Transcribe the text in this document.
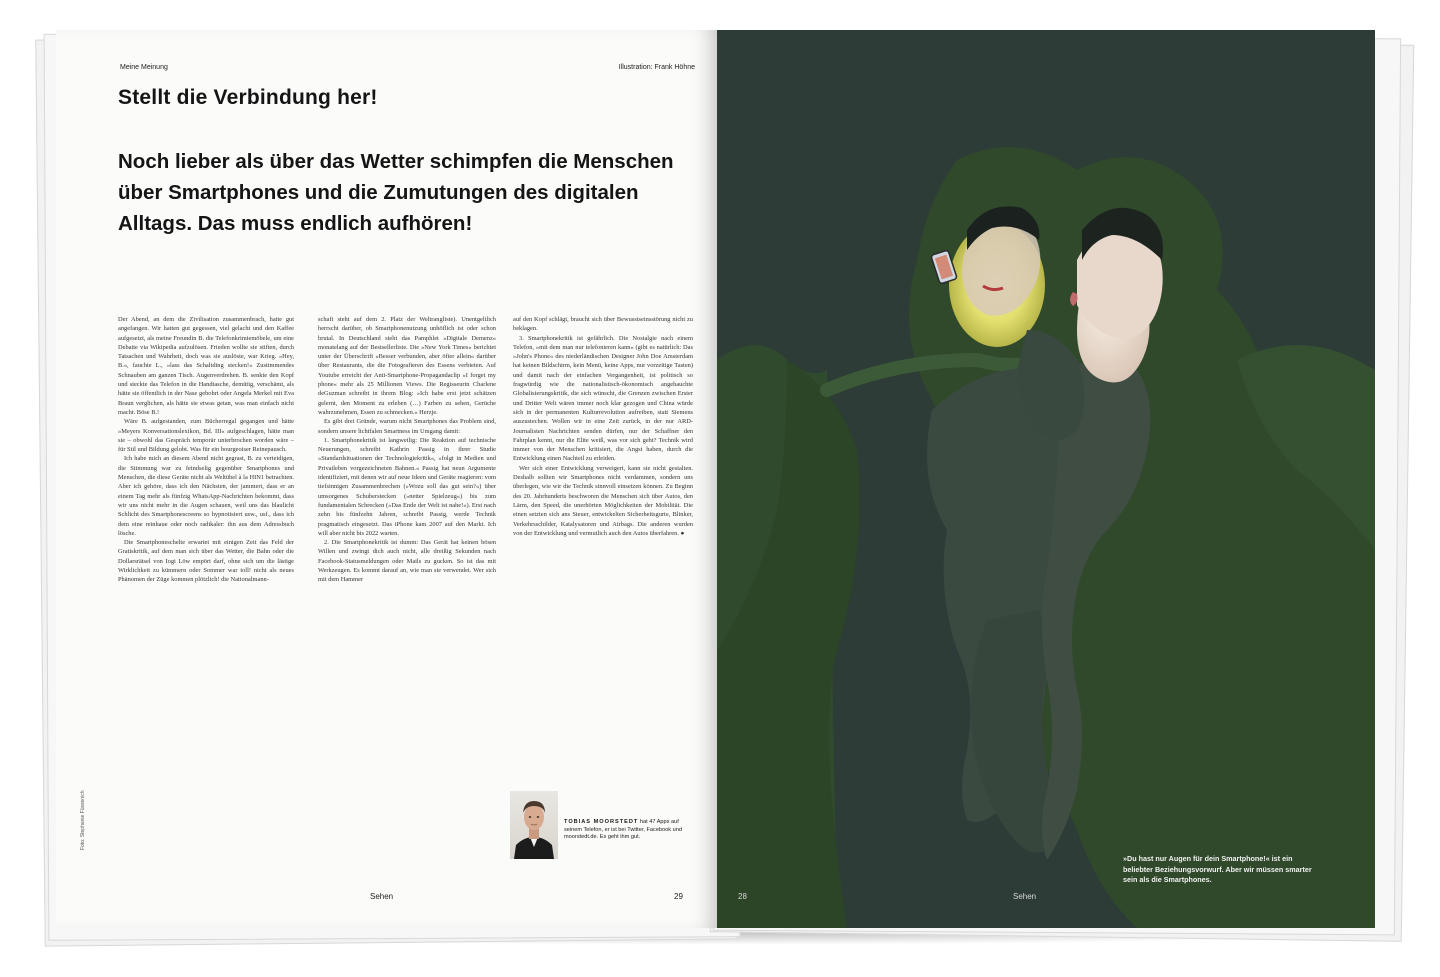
Meine Meinung	Illustration: Frank Höhne
Stellt die Verbindung her!

Noch lieber als über das Wetter schimpfen die Menschen über Smartphones und die Zumutungen des digitalen Alltags. Das muss endlich aufhören!

Der Abend, an dem die Zivilisation zusammenbrach, hatte gut angefangen. Wir hatten gut gegessen, viel gelacht und den Kaffee aufgesetzt, als meine Freundin B. die Telefonkrimiemöbele, um eine Debatte via Wikipedia aufzulösen. Frieden wollte sie stiften, durch Tatsachen und Wahrheit, doch was sie auslöste, war Krieg. »Hey, B.«, fauchte L., »lass das Schaltding stecken!« Zustimmendes Schnauben am ganzen Tisch. Augenverdrehen. B. senkte den Kopf und steckte das Telefon in die Handtasche, demütig, verschämt, als hätte sie öffentlich in der Nase gebohrt oder Angela Merkel mit Eva Braun verglichen, als hätte sie etwas getan, was man einfach nicht macht. Böse B.!

Wäre B. aufgestanden, zum Bücherregal gegangen und hätte »Meyers Konversationslexikon, Bd. III« aufgeschlagen, hätte man sie – obwohl das Gespräch temporär unterbrochen worden wäre – für Stil und Bildung gelobt. Was für ein bourgeoiser Reinepausch.

Ich habe mich an diesem Abend nicht gegrast, B. zu verteidigen, die Stimmung war zu feindselig gegenüber Smartphones und Menschen, die diese Geräte nicht als Weltübel à la HIN1 betrachten. Aber ich gehöre, dass ich den Nächsten, der jammert, dass er an einem Tag mehr als fünfzig WhatsApp-Nachrichten bekommt, dass wir uns nicht mehr in die Augen schauen, weil uns das blaulicht Schlicht des Smartphonescreens so hypnotisiert usw., usf., dass ich dem eine reinhaue oder noch radikaler: ihn aus dem Adressbuch lösche.

Die Smartphoneschelte erwartet mit einigen Zeit das Feld der Gratiskritik, auf dem man sich über das Wetter, die Bahn oder die Dollarsrätsel von Iogi Löw empört darf, ohne sich um die lästige Wirklichkeit zu kümmern oder Sommer war toll! nicht als neues Phänomen der Züge kommen plötzlich! die Nationalmann-

schaft steht auf dem 2. Platz der Weltrangliste). Unentgeltlich herrscht darüber, ob Smartphonenutzung unhöflich ist oder schon brutal. In Deutschland steht das Pamphlet »Digitale Demenz« monatelang auf der Bestsellerliste. Die »New York Times« berichtet unter der Überschrift »Besser verbunden, aber öfter allein« darüber über Restaurants, die die Fotografieren des Essens verbieten. Auf Youtube erreicht der Anti-Smartphone-Propagandaclip »I forget my phone« mehr als 25 Millionen Views. Die Regisseurin Charlene deGuzman schreibt in ihrem Blog: »Ich habe erst jetzt schätzen gelernt, den Moment zu erleben (…) Farben zu sehen, Gerüche wahrzunehmen, Essen zu schmecken.« Herzje.

Es gibt drei Gründe, warum nicht Smartphones das Problem sind, sondern unsere lichtfalen Smartness im Umgang damit:

1. Smartphonekritik ist langweilig: Die Reaktion auf technische Neuerungen, schreibt Kathrin Passig in ihrer Studie »Standardsituationen der Technologiekritik«, »folgt in Medien und Privatleben vorgezeichneten Bahnen.« Passig hat neun Argumente identifiziert, mit denen wir auf neue Ideen und Geräte reagieren: vom tiefsinnigen Zusammenbrechen (»Wozu soll das gut sein?«) über umsorgenes Schuberstecken (»netter Spielzeug«) bis zum fundamentalen Schrecken (»Das Ende der Welt ist nahe!«). Erst nach zehn bis fünfzehn Jahren, schreibt Passig, werde Technik pragmatisch eingesetzt. Das iPhone kam 2007 auf den Markt. Ich will aber nicht bis 2022 warten.

2. Die Smartphonekritik ist dumm: Das Gerät hat keinen bösen Willen und zwingt dich auch nicht, alle dreißig Sekunden nach Facebook-Statusmeldungen oder Mails zu gucken. So ist das mit Werkzeugen. Es kommt darauf an, wie man sie verwendet. Wer sich mit dem Hammer

auf den Kopf schlägt, braucht sich über Bewusstseinsstörung nicht zu beklagen.

3. Smartphonekritik ist gefährlich. Die Nostalgie nach einem Telefon, »mit dem man nur telefonieren kann« (gibt es natürlich: Das »John's Phone« des niederländischen Designer John Doe Amsterdam hat keinen Bildschirm, kein Menü, keine Apps, nur vorzeitige Tasten) und damit nach der einfachen Vergangenheit, ist politisch so fragwürdig wie die nationalistisch-ökonomisch angehauchte Globalisierungskritik, die sich wünscht, die Grenzen zwischen Erster und Dritter Welt wären immer noch klar gezogen und China würde sich in der permanenten Kulturrevolution aufreiben, statt Siemens auszustechen. Wollen wir in eine Zeit zurück, in der nur ARD-Journalisten Nachrichten senden dürfen, nur der Schaffner den Fahrplan kennt, nur die Elite weiß, was vor sich geht? Technik wird immer von der Menschen kritisiert, die Angst haben, durch die Entwicklung einen Nachteil zu erleiden.

Wer sich einer Entwicklung verweigert, kann sie nicht gestalten. Deshalb sollten wir Smartphones nicht verdammen, sondern uns überlegen, wie wir die Technik sinnvoll einsetzen können. Zu Beginn des 20. Jahrhunderts beschworen die Menschen sich über Autos, den Lärm, den Speed, die unerhörten Möglichkeiten der Mobilität. Die einen setzten sich ans Steuer, entwickelten Sicherheitsgurte, Blinker, Verkehrsschilder, Katalysatoren und Airbags. Die anderen wurden von der Entwicklung und vermutlich auch den Autos überfahren. ●

TOBIAS MOORSTEDT hat 47 Apps auf seinem Telefon, er ist bei Twitter, Facebook und moorstedt.de. Es geht ihm gut.
Foto: Stephanie Füssenich
Sehen	29

»Du hast nur Augen für dein Smartphone!« ist ein beliebter Beziehungsvorwurf. Aber wir müssen smarter sein als die Smartphones.

28	Sehen
